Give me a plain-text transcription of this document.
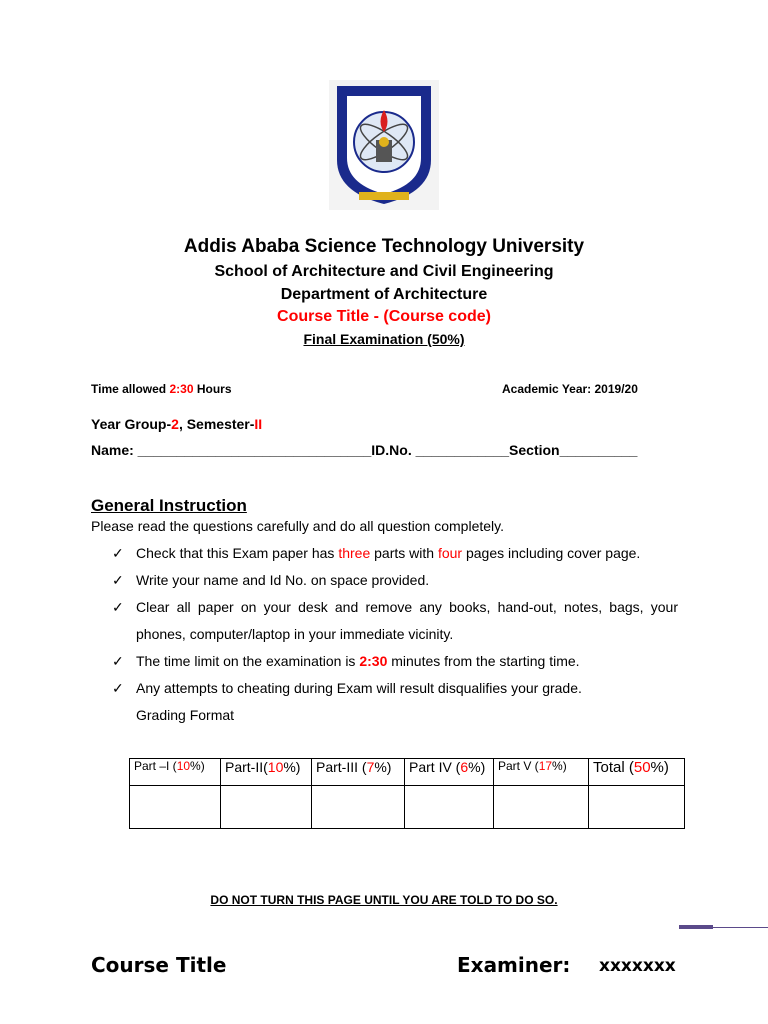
Addis Ababa Science Technology University
School of Architecture and Civil Engineering
Department of Architecture
Course Title - (Course code)
Final Examination (50%)
Time allowed 2:30 Hours	Academic Year: 2019/20
Year Group-2, Semester-II
Name: ______________________________ID.No. ____________Section__________
General Instruction
Please read the questions carefully and do all question completely.
✓ Check that this Exam paper has three parts with four pages including cover page.
✓ Write your name and Id No. on space provided.
✓ Clear all paper on your desk and remove any books, hand-out, notes, bags, your phones, computer/laptop in your immediate vicinity.
✓ The time limit on the examination is 2:30 minutes from the starting time.
✓ Any attempts to cheating during Exam will result disqualifies your grade.
Grading Format
Part –I (10%)	Part-II(10%)	Part-III (7%)	Part IV (6%)	Part V (17%)	Total (50%)

DO NOT TURN THIS PAGE UNTIL YOU ARE TOLD TO DO SO.
Course Title	Examiner: xxxxxxx
